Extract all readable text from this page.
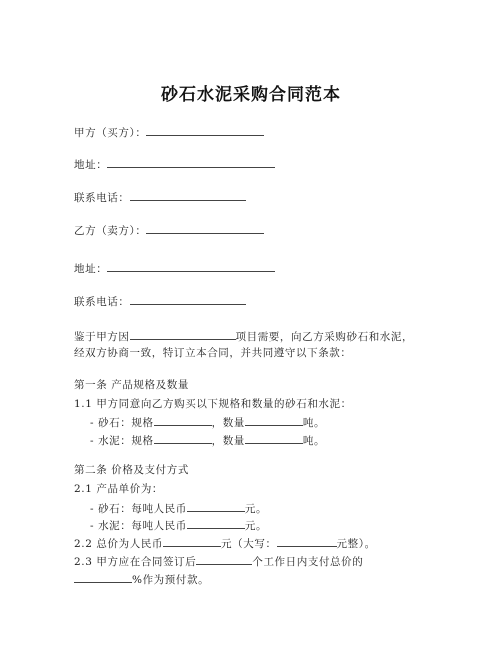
砂石水泥采购合同范本
甲方（买方）：
地址：
联系电话：
乙方（卖方）：
地址：
联系电话：
鉴于甲方因	项目需要，向乙方采购砂石和水泥，
经双方协商一致，特订立本合同，并共同遵守以下条款：
第一条 产品规格及数量
1.1 甲方同意向乙方购买以下规格和数量的砂石和水泥：
- 砂石：规格	，数量	吨。
- 水泥：规格	，数量	吨。
第二条 价格及支付方式
2.1 产品单价为：
- 砂石：每吨人民币	元。
- 水泥：每吨人民币	元。
2.2 总价为人民币	元（大写：	元整）。
2.3 甲方应在合同签订后	个工作日内支付总价的
%作为预付款。
